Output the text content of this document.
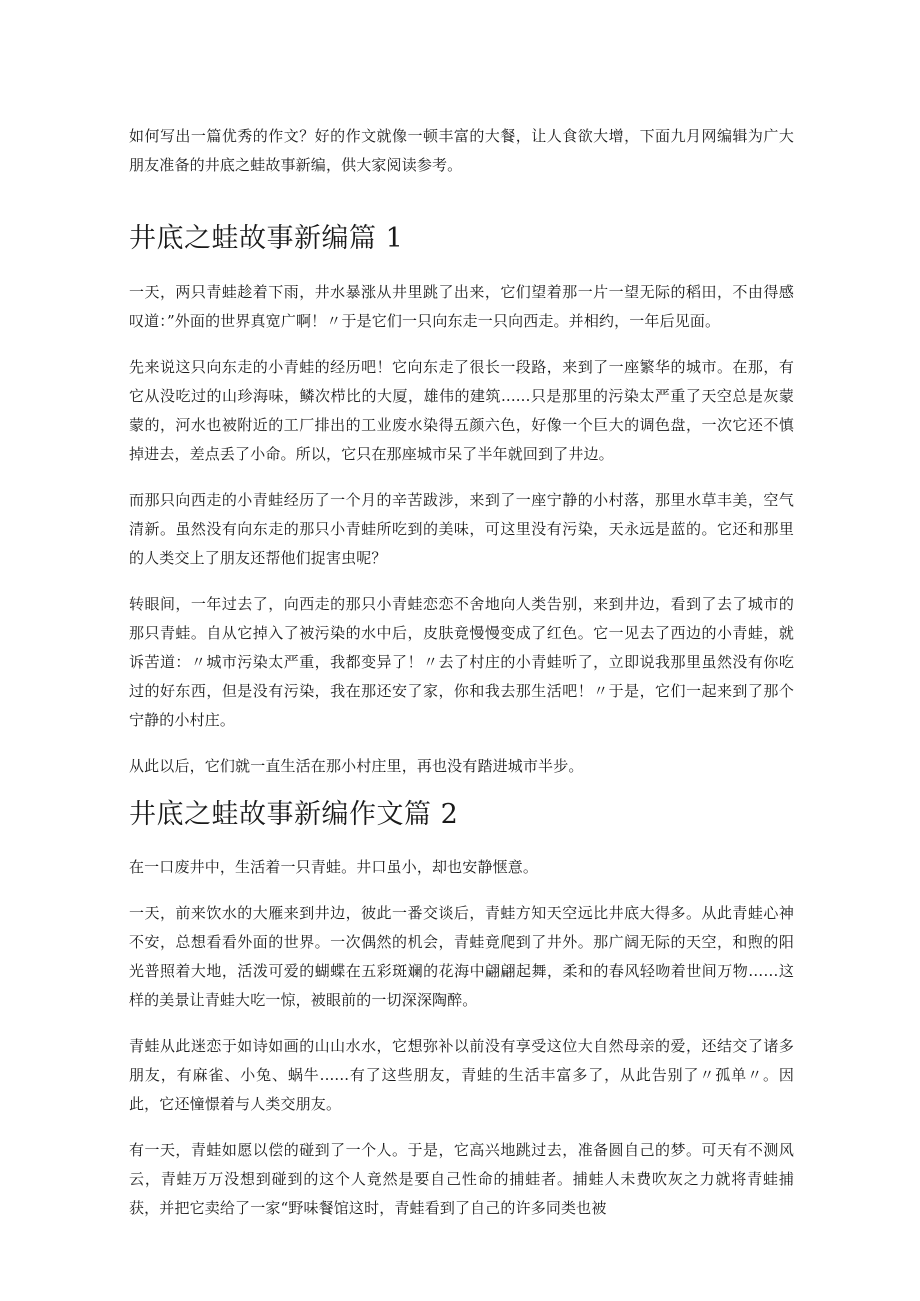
如何写出一篇优秀的作文？好的作文就像一顿丰富的大餐，让人食欲大增，下面九月网编辑为广大朋友准备的井底之蛙故事新编，供大家阅读参考。

井底之蛙故事新编篇 1

一天，两只青蛙趁着下雨，井水暴涨从井里跳了出来，它们望着那一片一望无际的稻田，不由得感叹道：”外面的世界真宽广啊！〃于是它们一只向东走一只向西走。并相约，一年后见面。

先来说这只向东走的小青蛙的经历吧！它向东走了很长一段路，来到了一座繁华的城市。在那，有它从没吃过的山珍海味，鳞次栉比的大厦，雄伟的建筑......只是那里的污染太严重了天空总是灰蒙蒙的，河水也被附近的工厂排出的工业废水染得五颜六色，好像一个巨大的调色盘，一次它还不慎掉进去，差点丢了小命。所以，它只在那座城市呆了半年就回到了井边。

而那只向西走的小青蛙经历了一个月的辛苦跋涉，来到了一座宁静的小村落，那里水草丰美，空气清新。虽然没有向东走的那只小青蛙所吃到的美味，可这里没有污染，天永远是蓝的。它还和那里的人类交上了朋友还帮他们捉害虫呢？

转眼间，一年过去了，向西走的那只小青蛙恋恋不舍地向人类告别，来到井边，看到了去了城市的那只青蛙。自从它掉入了被污染的水中后，皮肤竟慢慢变成了红色。它一见去了西边的小青蛙，就诉苦道：〃城市污染太严重，我都变异了！〃去了村庄的小青蛙听了，立即说我那里虽然没有你吃过的好东西，但是没有污染，我在那还安了家，你和我去那生活吧！〃于是，它们一起来到了那个宁静的小村庄。

从此以后，它们就一直生活在那小村庄里，再也没有踏进城市半步。

井底之蛙故事新编作文篇 2

在一口废井中，生活着一只青蛙。井口虽小，却也安静惬意。

一天，前来饮水的大雁来到井边，彼此一番交谈后，青蛙方知天空远比井底大得多。从此青蛙心神不安，总想看看外面的世界。一次偶然的机会，青蛙竟爬到了井外。那广阔无际的天空，和煦的阳光普照着大地，活泼可爱的蝴蝶在五彩斑斓的花海中翩翩起舞，柔和的春风轻吻着世间万物……这样的美景让青蛙大吃一惊，被眼前的一切深深陶醉。

青蛙从此迷恋于如诗如画的山山水水，它想弥补以前没有享受这位大自然母亲的爱，还结交了诸多朋友，有麻雀、小兔、蜗牛......有了这些朋友，青蛙的生活丰富多了，从此告别了〃孤单〃。因此，它还憧憬着与人类交朋友。

有一天，青蛙如愿以偿的碰到了一个人。于是，它高兴地跳过去，准备圆自己的梦。可天有不测风云，青蛙万万没想到碰到的这个人竟然是要自己性命的捕蛙者。捕蛙人未费吹灰之力就将青蛙捕获，并把它卖给了一家“野味餐馆这时，青蛙看到了自己的许多同类也被
